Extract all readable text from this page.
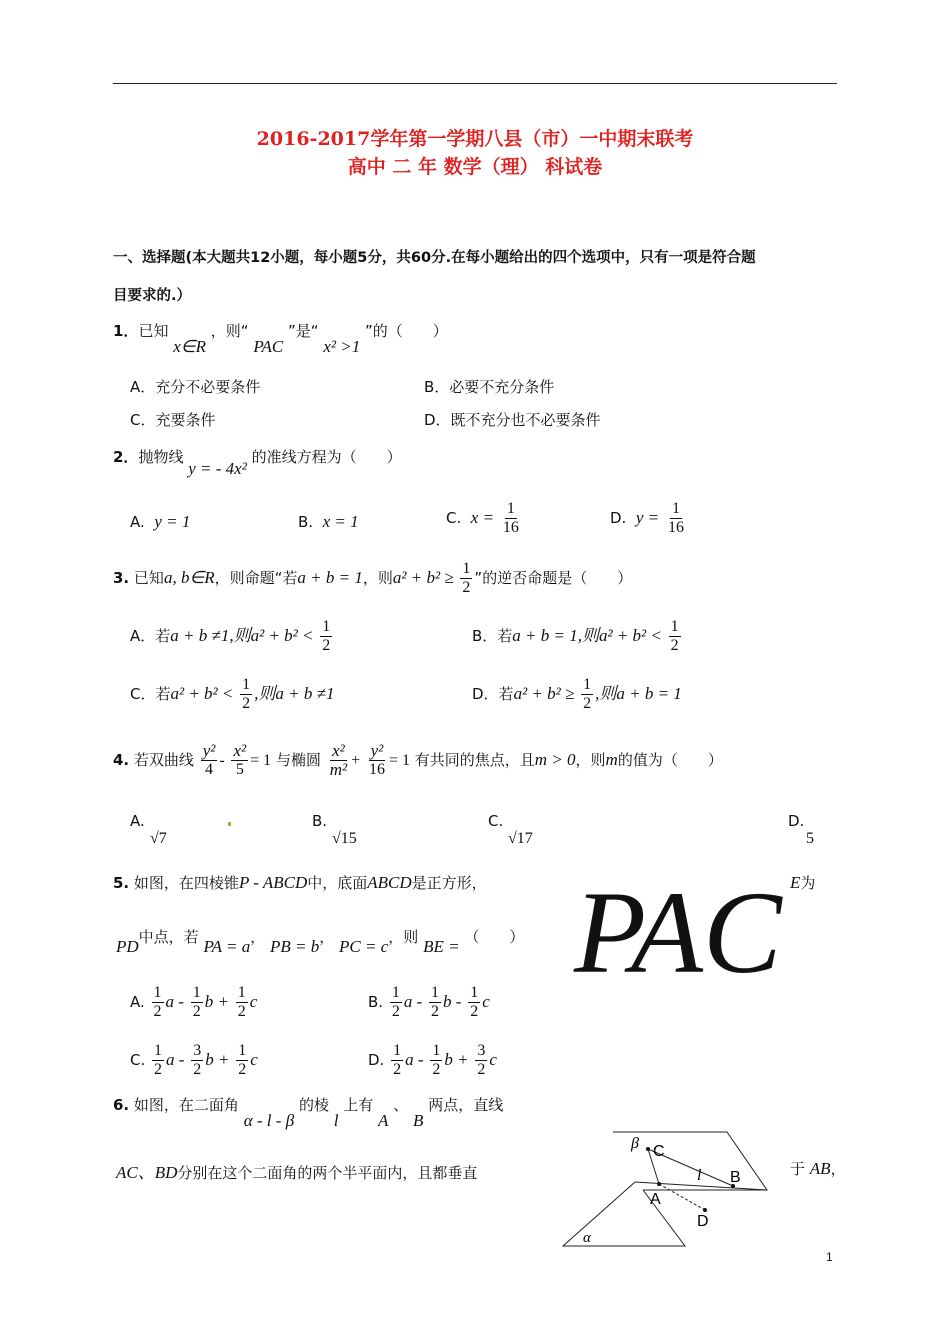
2016-2017学年第一学期八县（市）一中期末联考
高中 二 年 数学（理） 科试卷
一、选择题(本大题共12小题，每小题5分，共60分.在每小题给出的四个选项中，只有一项是符合题
目要求的.）
1．已知 x∈R ，则“ PAC ”是“ x² >1 ”的（　　）
A．充分不必要条件	B．必要不充分条件
C．充要条件	D．既不充分也不必要条件
2．抛物线 y = - 4x² 的准线方程为（　　）
A. y = 1	B. x = 1	C. $x = \frac{1}{16}$	D. $y = \frac{1}{16}$
3. 已知a, b∈R，则命题“若a + b = 1，则$a^2 + b^2 \ge \frac{1}{2}$ ”的逆否命题是（　　）
A．若a + b ≠1,则$a^2 + b^2 < \frac{1}{2}$	B．若a + b = 1,则$a^2 + b^2 < \frac{1}{2}$
C．若$a^2 + b^2 < \frac{1}{2}$ ,则a + b ≠1	D．若$a^2 + b^2 \ge \frac{1}{2}$ ,则a + b = 1
4. 若双曲线 $\frac{\text{y²}}{4} - \frac{\text{x²}}{5} = 1$ 与椭圆 $\frac{\text{x²}}{\text{m²}} + \frac{\text{y²}}{16} = 1$ 有共同的焦点，且m > 0，则m的值为（　　）
A.
√7
B.
√15
C.
√17
D.
5
5. 如图，在四棱锥P - ABCD中，底面ABCD是正方形，	E为
PAC
PD中点，若 PA = a， PB = b， PC = c，则 BE = （　　）
A. $\frac{1}{2}$ a - $\frac{1}{2}$ $b + \frac{1}{2}$ c	B. $\frac{1}{2}$ a - $\frac{1}{2}$ b - $\frac{1}{2}$ c
C. $\frac{1}{2}$ a - $\frac{3}{2}$ $b + \frac{1}{2}$ c	D. $\frac{1}{2}$ a - $\frac{1}{2}$ $b + \frac{3}{2}$ c
6. 如图，在二面角 α - l - β 的棱 l 上有 A 、 B 两点，直线
AC、BD分别在这个二面角的两个半平面内，且都垂直	于 AB，
β C
l B
A
D
α
1
